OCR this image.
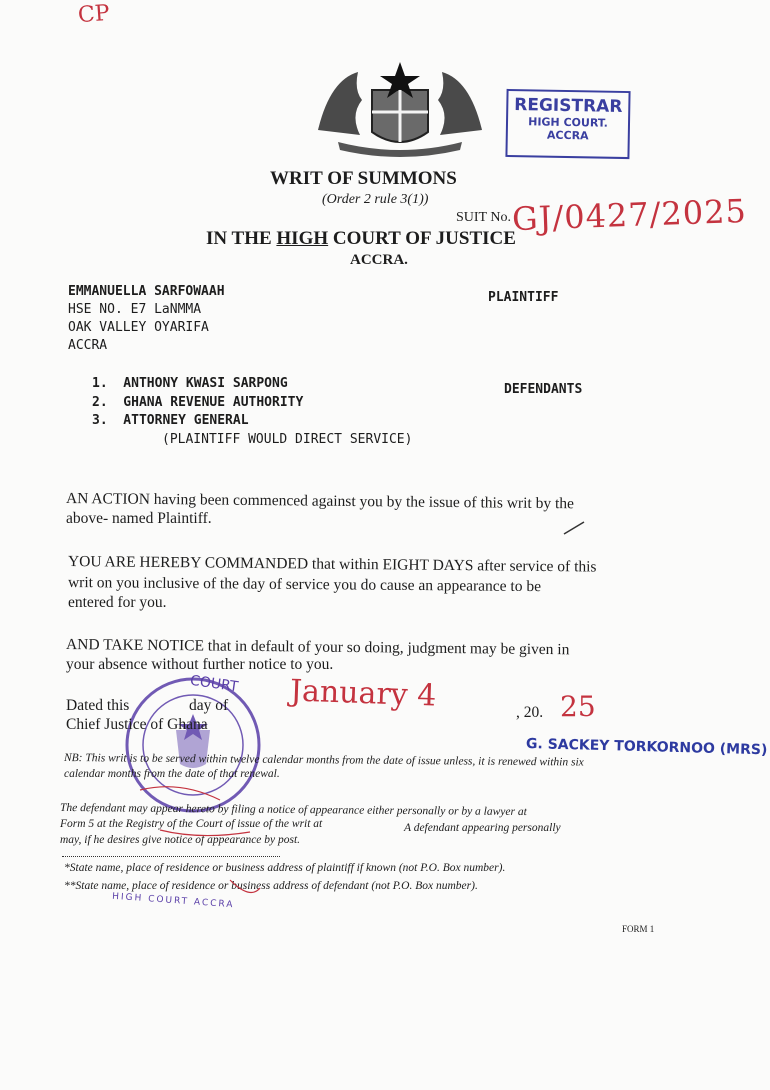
CP
REGISTRAR
HIGH COURT.
ACCRA
WRIT OF SUMMONS
(Order 2 rule 3(1))
SUIT No. GJ/0427/2025
IN THE HIGH COURT OF JUSTICE
ACCRA.
EMMANUELLA SARFOWAAH
HSE NO. E7 LaNMMA
OAK VALLEY OYARIFA
ACCRA
PLAINTIFF
1.  ANTHONY KWASI SARPONG
2.  GHANA REVENUE AUTHORITY
3.  ATTORNEY GENERAL
(PLAINTIFF WOULD DIRECT SERVICE)
DEFENDANTS
AN ACTION having been commenced against you by the issue of this writ by the
above- named Plaintiff.
YOU ARE HEREBY COMMANDED that within EIGHT DAYS after service of this
writ on you inclusive of the day of service you do cause an appearance to be
entered for you.
AND TAKE NOTICE that in default of your so doing, judgment may be given in
your absence without further notice to you.
COURT
HIGH COURT ACCRA
Dated this	day of January 4	, 20. 25
Chief Justice of Ghana
G. SACKEY TORKORNOO (MRS)
NB: This writ is to be served within twelve calendar months from the date of issue unless, it is renewed within six
calendar months from the date of that renewal.
The defendant may appear hereto by filing a notice of appearance either personally or by a lawyer at
Form 5 at the Registry of the Court of issue of the writ at	A defendant appearing personally
may, if he desires give notice of appearance by post.
*State name, place of residence or business address of plaintiff if known (not P.O. Box number).
**State name, place of residence or business address of defendant (not P.O. Box number).
FORM 1
